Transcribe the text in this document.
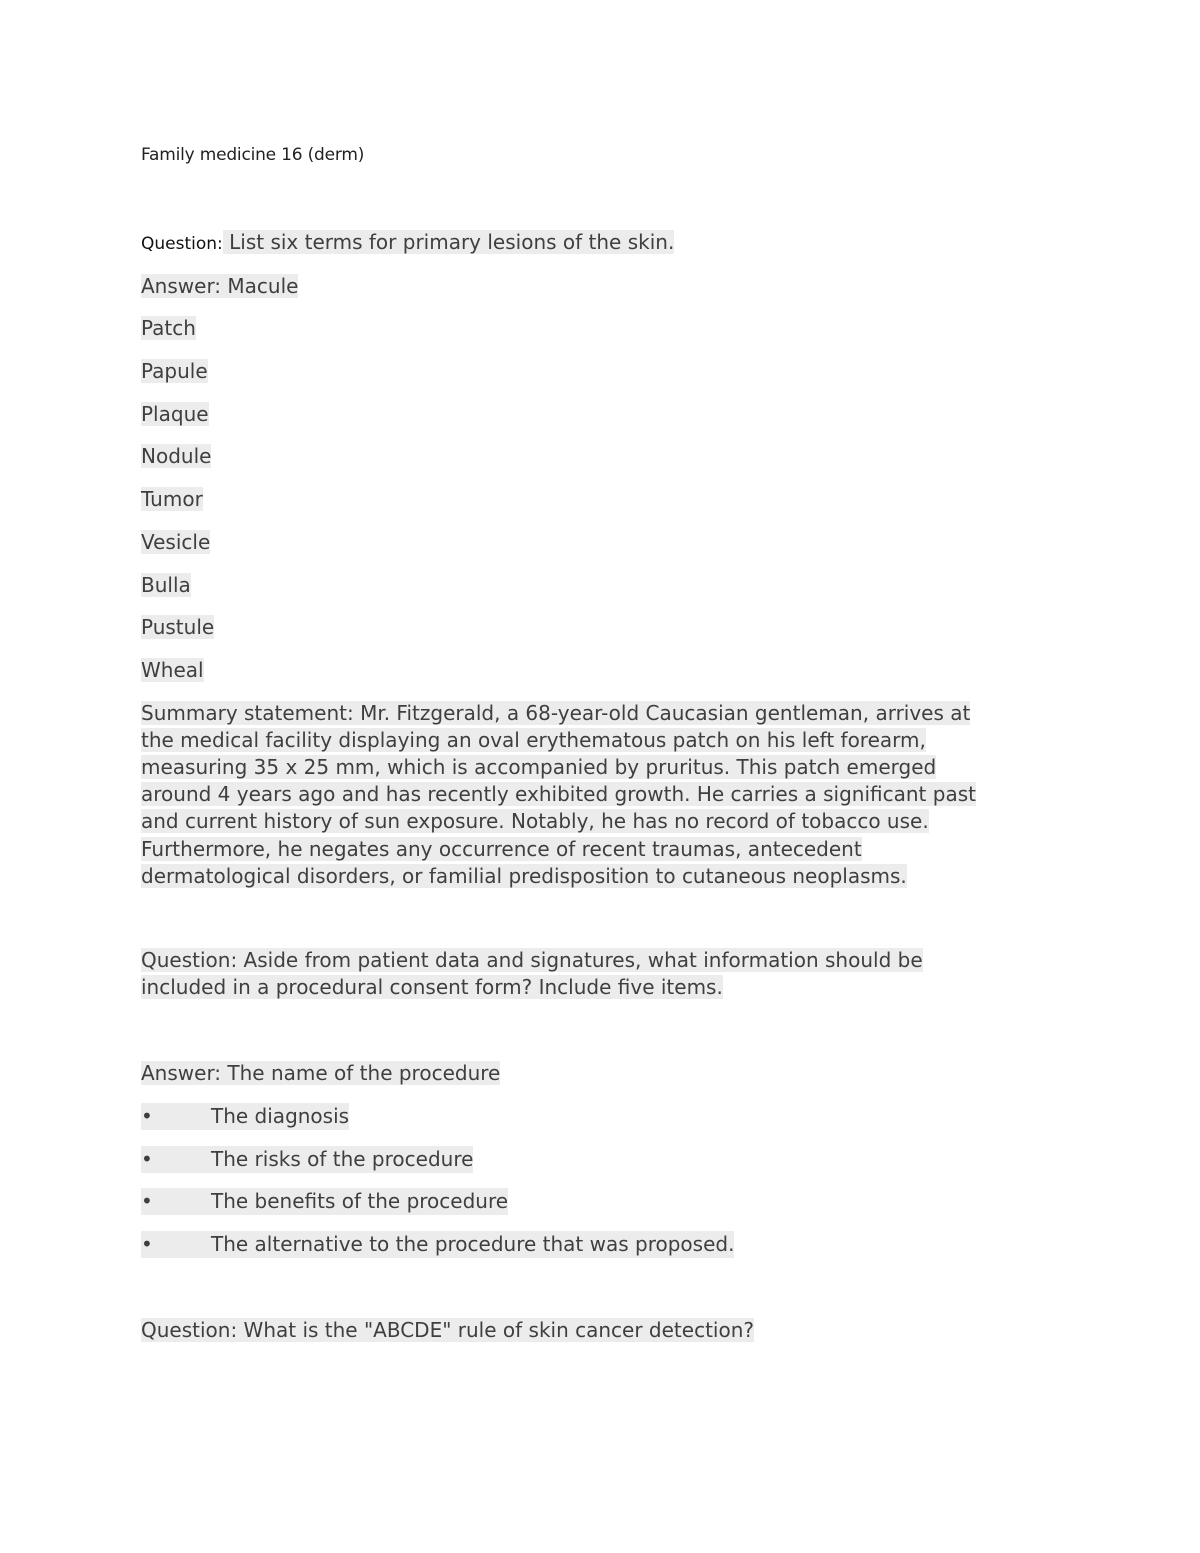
Family medicine 16 (derm)
Question: List six terms for primary lesions of the skin.
Answer: Macule
Patch
Papule
Plaque
Nodule
Tumor
Vesicle
Bulla
Pustule
Wheal
Summary statement: Mr. Fitzgerald, a 68-year-old Caucasian gentleman, arrives at
the medical facility displaying an oval erythematous patch on his left forearm,
measuring 35 x 25 mm, which is accompanied by pruritus. This patch emerged
around 4 years ago and has recently exhibited growth. He carries a significant past
and current history of sun exposure. Notably, he has no record of tobacco use.
Furthermore, he negates any occurrence of recent traumas, antecedent
dermatological disorders, or familial predisposition to cutaneous neoplasms.
Question: Aside from patient data and signatures, what information should be
included in a procedural consent form? Include five items.
Answer: The name of the procedure
•	The diagnosis
•	The risks of the procedure
•	The benefits of the procedure
•	The alternative to the procedure that was proposed.
Question: What is the "ABCDE" rule of skin cancer detection?
